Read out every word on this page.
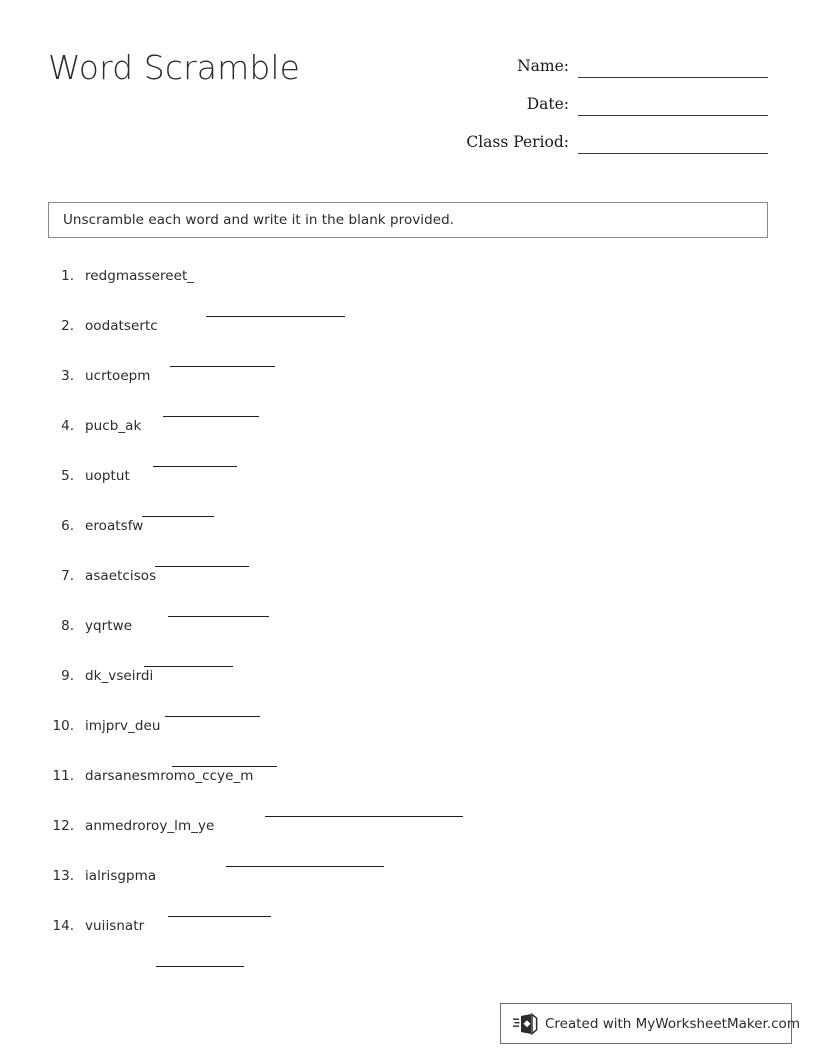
Word Scramble	Name:
Date:
Class Period:
Unscramble each word and write it in the blank provided.
1. redgmassereet_
2. oodatsertc
3. ucrtoepm
4. pucb_ak
5. uoptut
6. eroatsfw
7. asaetcisos
8. yqrtwe
9. dk_vseirdi
10. imjprv_deu
11. darsanesmromo_ccye_m
12. anmedroroy_lm_ye
13. ialrisgpma
14. vuiisnatr
Created with MyWorksheetMaker.com
